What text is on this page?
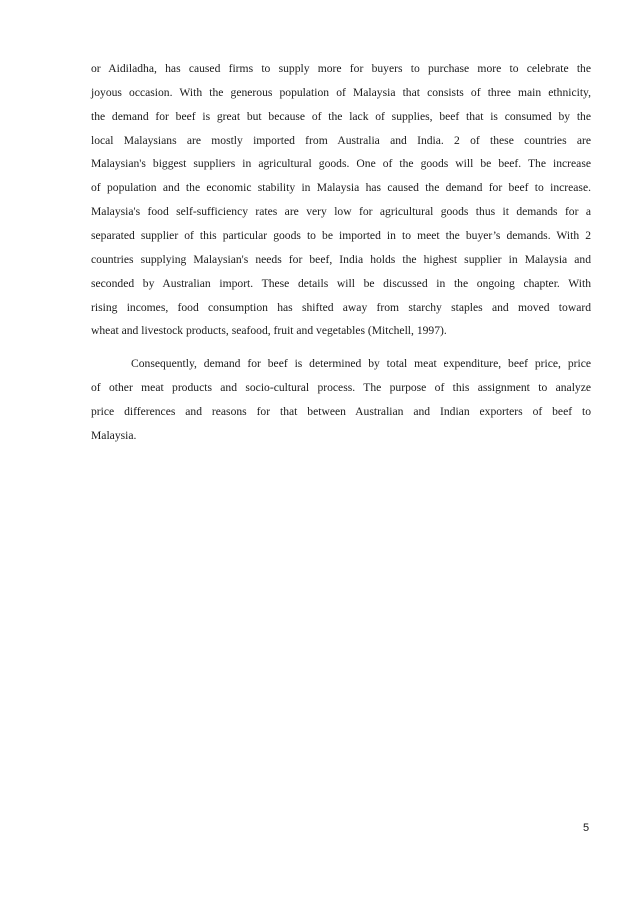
or Aidiladha, has caused firms to supply more for buyers to purchase more to celebrate the
joyous occasion. With the generous population of Malaysia that consists of three main ethnicity,
the demand for beef is great but because of the lack of supplies, beef that is consumed by the
local Malaysians are mostly imported from Australia and India. 2 of these countries are
Malaysian's biggest suppliers in agricultural goods. One of the goods will be beef. The increase
of population and the economic stability in Malaysia has caused the demand for beef to increase.
Malaysia's food self-sufficiency rates are very low for agricultural goods thus it demands for a
separated supplier of this particular goods to be imported in to meet the buyer’s demands. With 2
countries supplying Malaysian's needs for beef, India holds the highest supplier in Malaysia and
seconded by Australian import. These details will be discussed in the ongoing chapter. With
rising incomes, food consumption has shifted away from starchy staples and moved toward
wheat and livestock products, seafood, fruit and vegetables (Mitchell, 1997).
Consequently, demand for beef is determined by total meat expenditure, beef price, price
of other meat products and socio-cultural process. The purpose of this assignment to analyze
price differences and reasons for that between Australian and Indian exporters of beef to
Malaysia.
5
